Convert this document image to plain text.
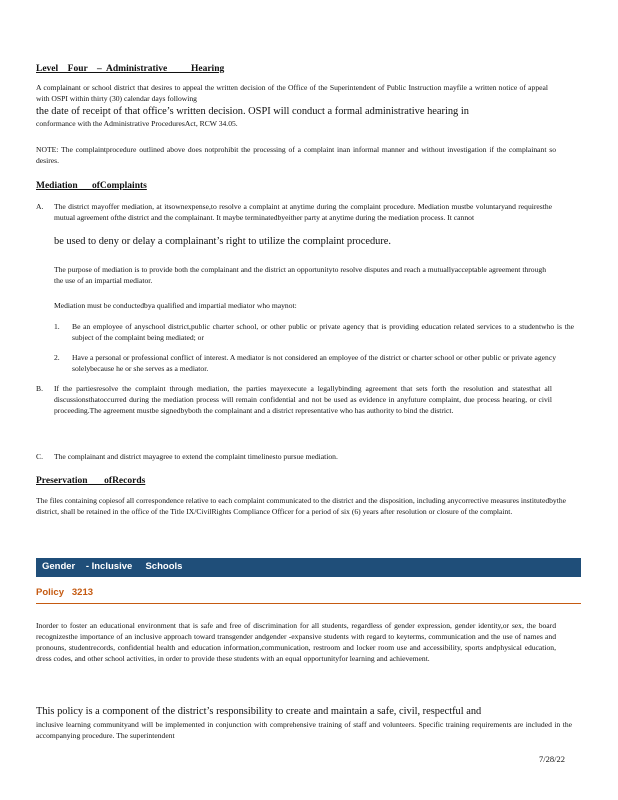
Level    Four    –  Administrative          Hearing

A complainant or school district that desires to appeal the written decision of the Office of the Superintendent of Public Instruction mayfile a written notice of appeal with OSPI within thirty (30) calendar days following

the date of receipt of that office’s written decision. OSPI will conduct a formal administrative hearing in

conformance with the Administrative ProceduresAct, RCW 34.05.

NOTE: The complaintprocedure outlined above does notprohibit the processing of a complaint inan informal manner and without investigation if the complainant so desires.

Mediation      ofComplaints
A. The district mayoffer mediation, at itsownexpense,to resolve a complaint at anytime during the complaint procedure. Mediation mustbe voluntaryand requiresthe mutual agreement ofthe district and the complainant. It maybe terminatedbyeither party at anytime during the mediation process. It cannot

be used to deny or delay a complainant’s right to utilize the complaint procedure.

The purpose of mediation is to provide both the complainant and the district an opportunityto resolve disputes and reach a mutuallyacceptable agreement through the use of an impartial mediator.

Mediation must be conductedbya qualified and impartial mediator who maynot:

1. Be an employee of anyschool district,public charter school, or other public or private agency that is providing education related services to a studentwho is the subject of the complaint being mediated; or
2. Have a personal or professional conflict of interest. A mediator is not considered an employee of the district or charter school or other public or private agency solelybecause he or she serves as a mediator.
B. If the partiesresolve the complaint through mediation, the parties mayexecute a legallybinding agreement that sets forth the resolution and statesthat all discussionsthatoccurred during the mediation process will remain confidential and not be used as evidence in anyfuture complaint, due process hearing, or civil proceeding.The agreement mustbe signedbyboth the complainant and a district representative who has authority to bind the district.

C. The complainant and district mayagree to extend the complaint timelinesto pursue mediation.

Preservation       ofRecords

The files containing copiesof all correspondence relative to each complaint communicated to the district and the disposition, including anycorrective measures institutedbythe district, shall be retained in the office of the Title IX/CivilRights Compliance Officer for a period of six (6) years after resolution or closure of the complaint.

Gender    - Inclusive     Schools
Policy   3213

Inorder to foster an educational environment that is safe and free of discrimination for all students, regardless of gender expression, gender identity,or sex, the board recognizesthe importance of an inclusive approach toward transgender andgender -expansive students with regard to keyterms, communication and the use of names and pronouns, studentrecords, confidential health and education information,communication, restroom and locker room use and accessibility, sports andphysical education, dress codes, and other school activities, in order to provide these students with an equal opportunityfor learning and achievement.

This policy is a component of the district’s responsibility to create and maintain a safe, civil, respectful and

inclusive learning communityand will be implemented in conjunction with comprehensive training of staff and volunteers. Specific training requirements are included in the accompanying procedure. The superintendent

7/28/22
